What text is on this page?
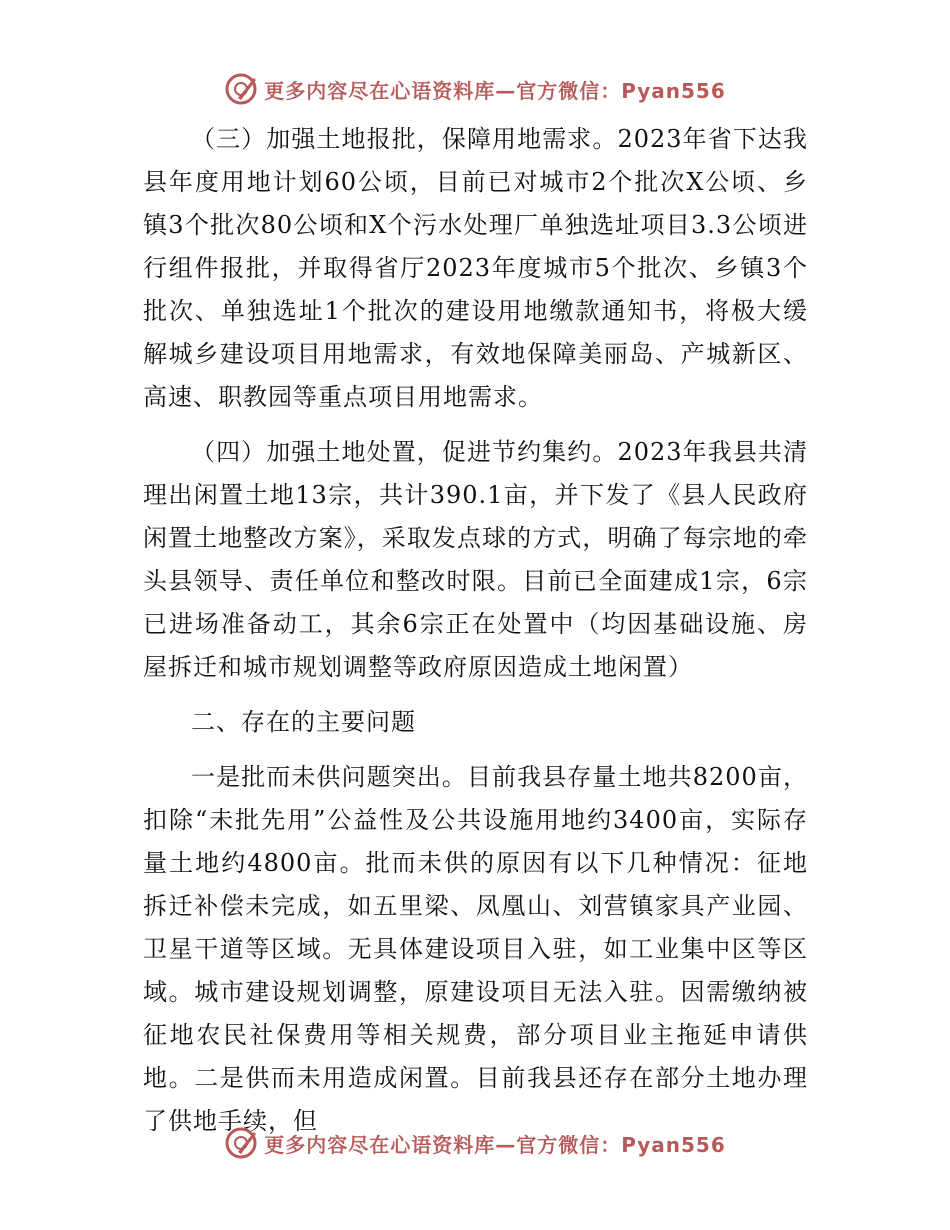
更多内容尽在心语资料库—官方微信：Pyan556

（三）加强土地报批，保障用地需求。2023年省下达我县年度用地计划60公顷，目前已对城市2个批次X公顷、乡镇3个批次80公顷和X个污水处理厂单独选址项目3.3公顷进行组件报批，并取得省厅2023年度城市5个批次、乡镇3个批次、单独选址1个批次的建设用地缴款通知书，将极大缓解城乡建设项目用地需求，有效地保障美丽岛、产城新区、高速、职教园等重点项目用地需求。

（四）加强土地处置，促进节约集约。2023年我县共清理出闲置土地13宗，共计390.1亩，并下发了《县人民政府闲置土地整改方案》，采取发点球的方式，明确了每宗地的牵头县领导、责任单位和整改时限。目前已全面建成1宗，6宗已进场准备动工，其余6宗正在处置中（均因基础设施、房屋拆迁和城市规划调整等政府原因造成土地闲置）

二、存在的主要问题

一是批而未供问题突出。目前我县存量土地共8200亩，扣除“未批先用”公益性及公共设施用地约3400亩，实际存量土地约4800亩。批而未供的原因有以下几种情况：征地拆迁补偿未完成，如五里梁、凤凰山、刘营镇家具产业园、卫星干道等区域。无具体建设项目入驻，如工业集中区等区域。城市建设规划调整，原建设项目无法入驻。因需缴纳被征地农民社保费用等相关规费，部分项目业主拖延申请供地。二是供而未用造成闲置。目前我县还存在部分土地办理了供地手续，但

更多内容尽在心语资料库—官方微信：Pyan556
